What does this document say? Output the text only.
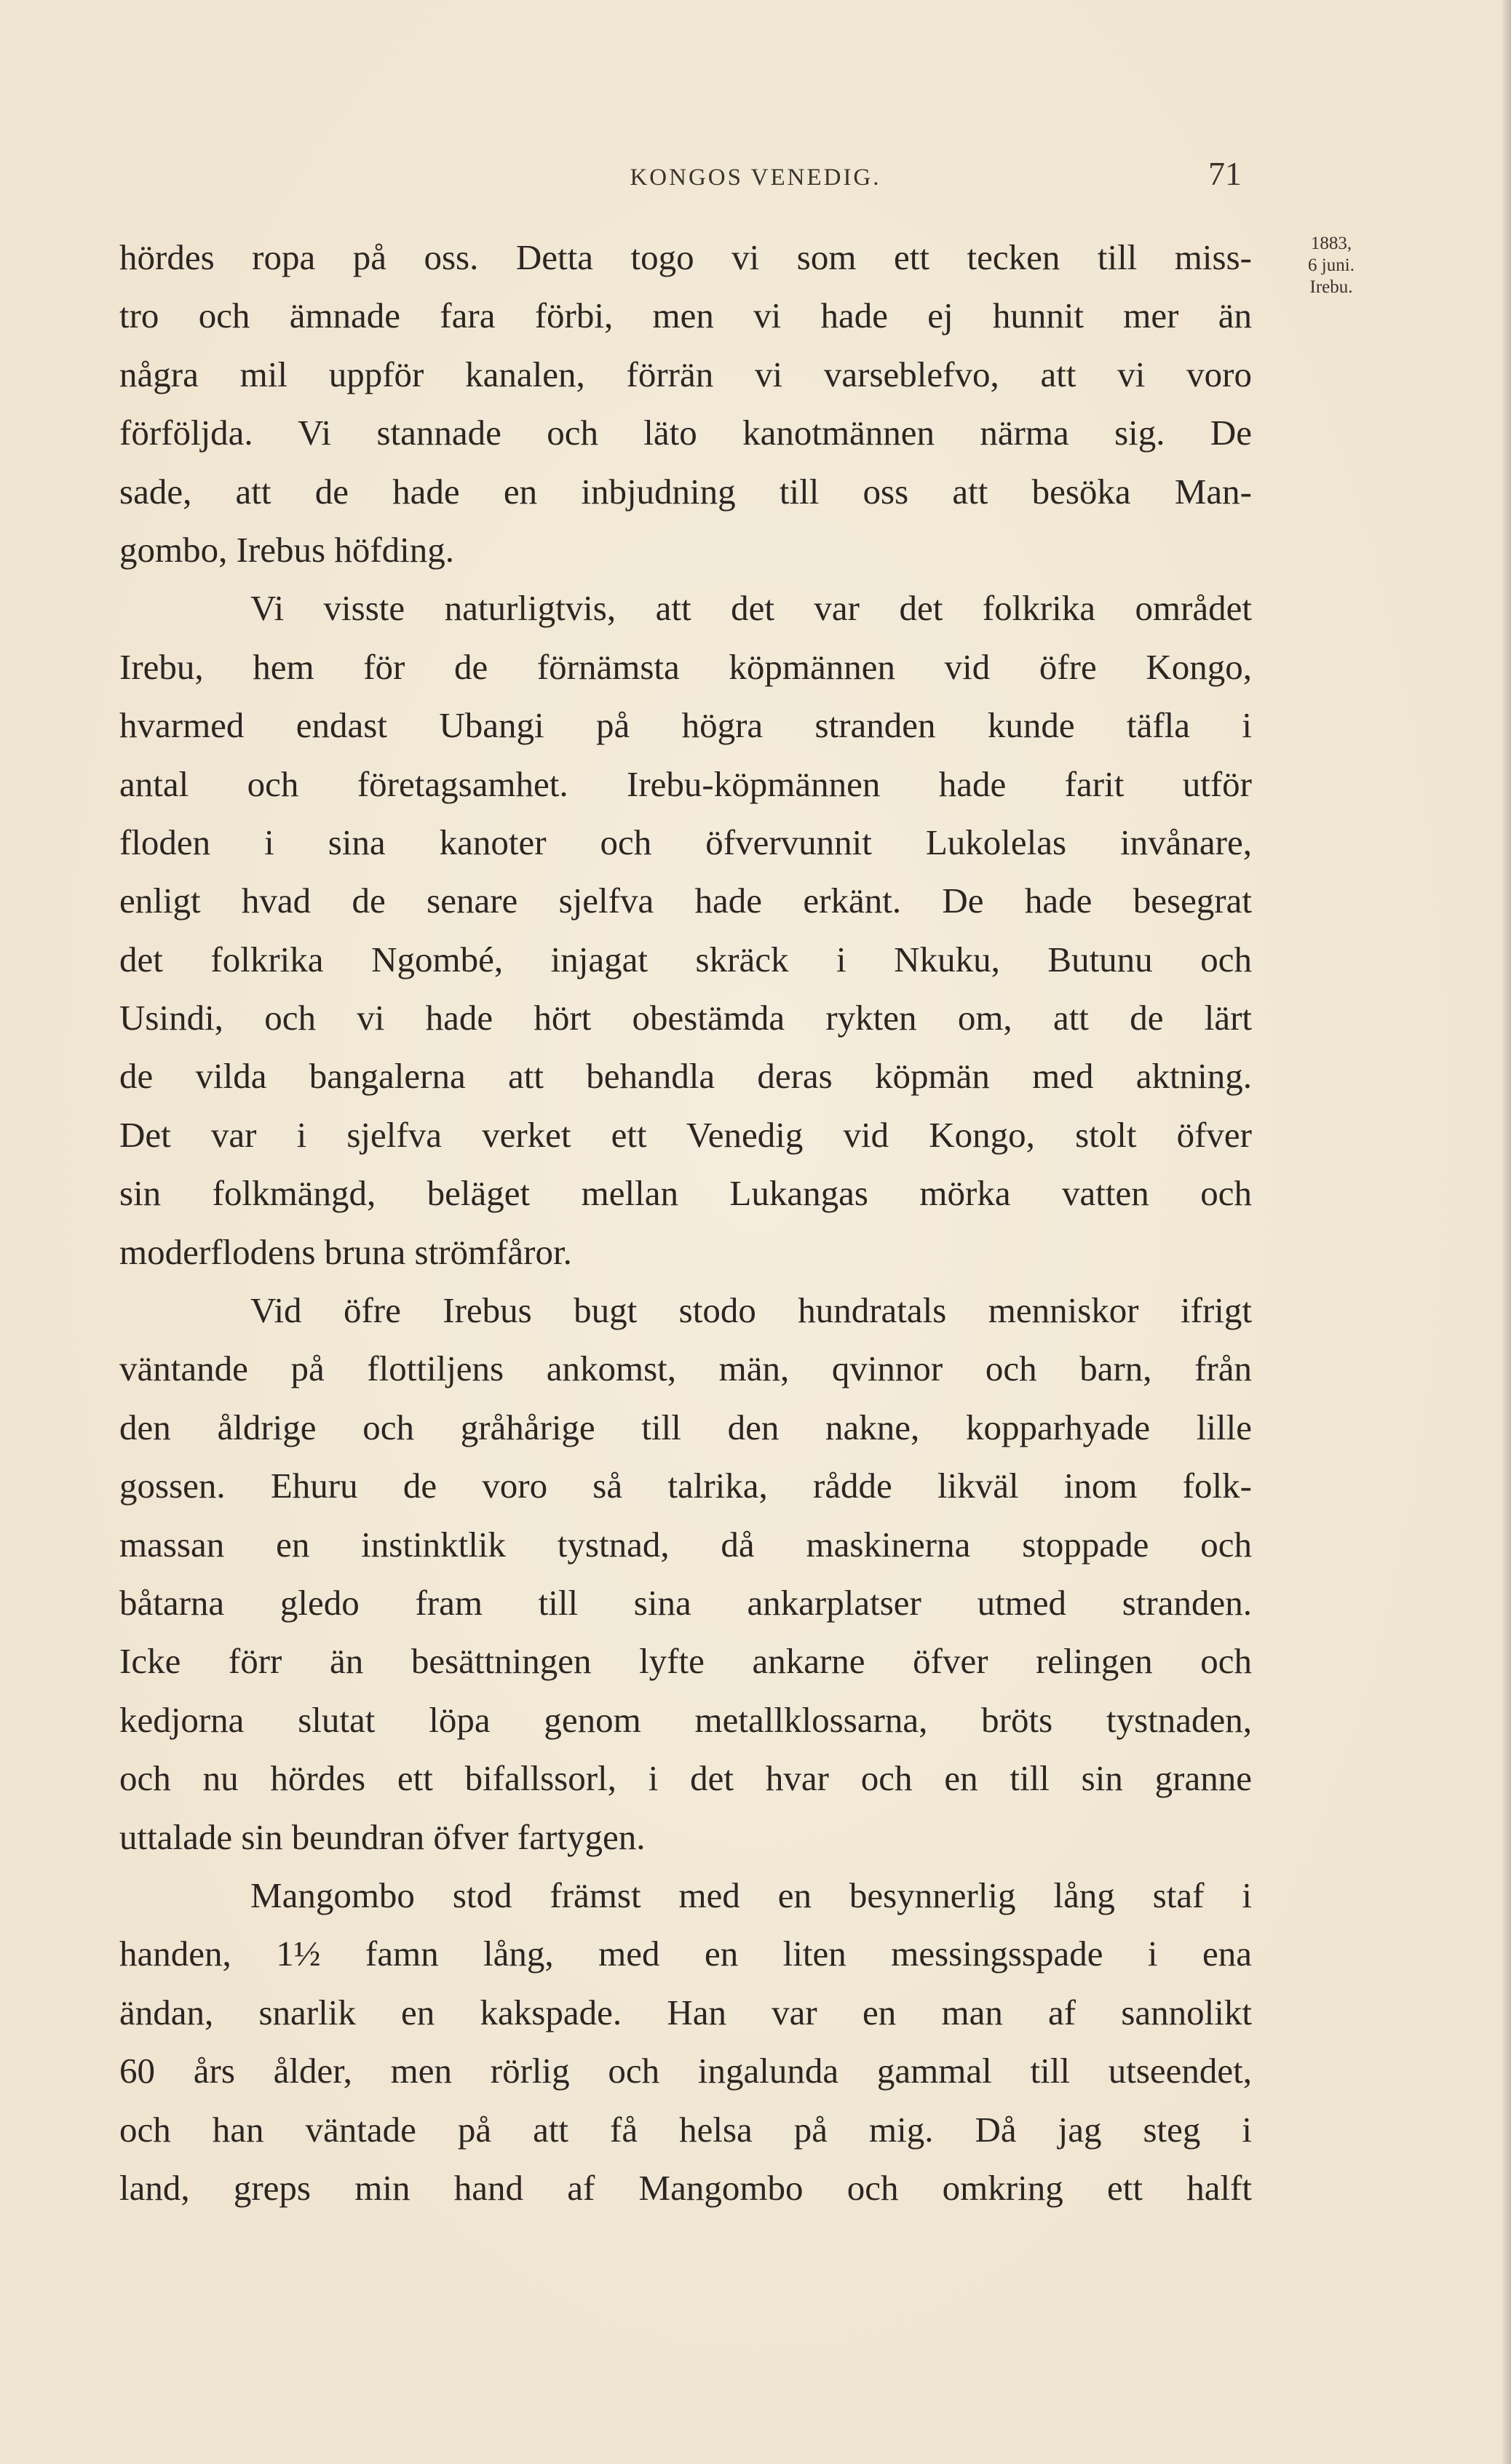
KONGOS VENEDIG.	71
1883,
6 juni.
Irebu.
hördes ropa på oss. Detta togo vi som ett tecken till miss-
tro och ämnade fara förbi, men vi hade ej hunnit mer än
några mil uppför kanalen, förrän vi varseblefvo, att vi voro
förföljda. Vi stannade och läto kanotmännen närma sig. De
sade, att de hade en inbjudning till oss att besöka Man-
gombo, Irebus höfding.
Vi visste naturligtvis, att det var det folkrika området
Irebu, hem för de förnämsta köpmännen vid öfre Kongo,
hvarmed endast Ubangi på högra stranden kunde täfla i
antal och företagsamhet. Irebu-köpmännen hade farit utför
floden i sina kanoter och öfvervunnit Lukolelas invånare,
enligt hvad de senare sjelfva hade erkänt. De hade besegrat
det folkrika Ngombé, injagat skräck i Nkuku, Butunu och
Usindi, och vi hade hört obestämda rykten om, att de lärt
de vilda bangalerna att behandla deras köpmän med aktning.
Det var i sjelfva verket ett Venedig vid Kongo, stolt öfver
sin folkmängd, beläget mellan Lukangas mörka vatten och
moderflodens bruna strömfåror.
Vid öfre Irebus bugt stodo hundratals menniskor ifrigt
väntande på flottiljens ankomst, män, qvinnor och barn, från
den åldrige och gråhårige till den nakne, kopparhyade lille
gossen. Ehuru de voro så talrika, rådde likväl inom folk-
massan en instinktlik tystnad, då maskinerna stoppade och
båtarna gledo fram till sina ankarplatser utmed stranden.
Icke förr än besättningen lyfte ankarne öfver relingen och
kedjorna slutat löpa genom metallklossarna, bröts tystnaden,
och nu hördes ett bifallssorl, i det hvar och en till sin granne
uttalade sin beundran öfver fartygen.
Mangombo stod främst med en besynnerlig lång staf i
handen, 1½ famn lång, med en liten messingsspade i ena
ändan, snarlik en kakspade. Han var en man af sannolikt
60 års ålder, men rörlig och ingalunda gammal till utseendet,
och han väntade på att få helsa på mig. Då jag steg i
land, greps min hand af Mangombo och omkring ett halft
